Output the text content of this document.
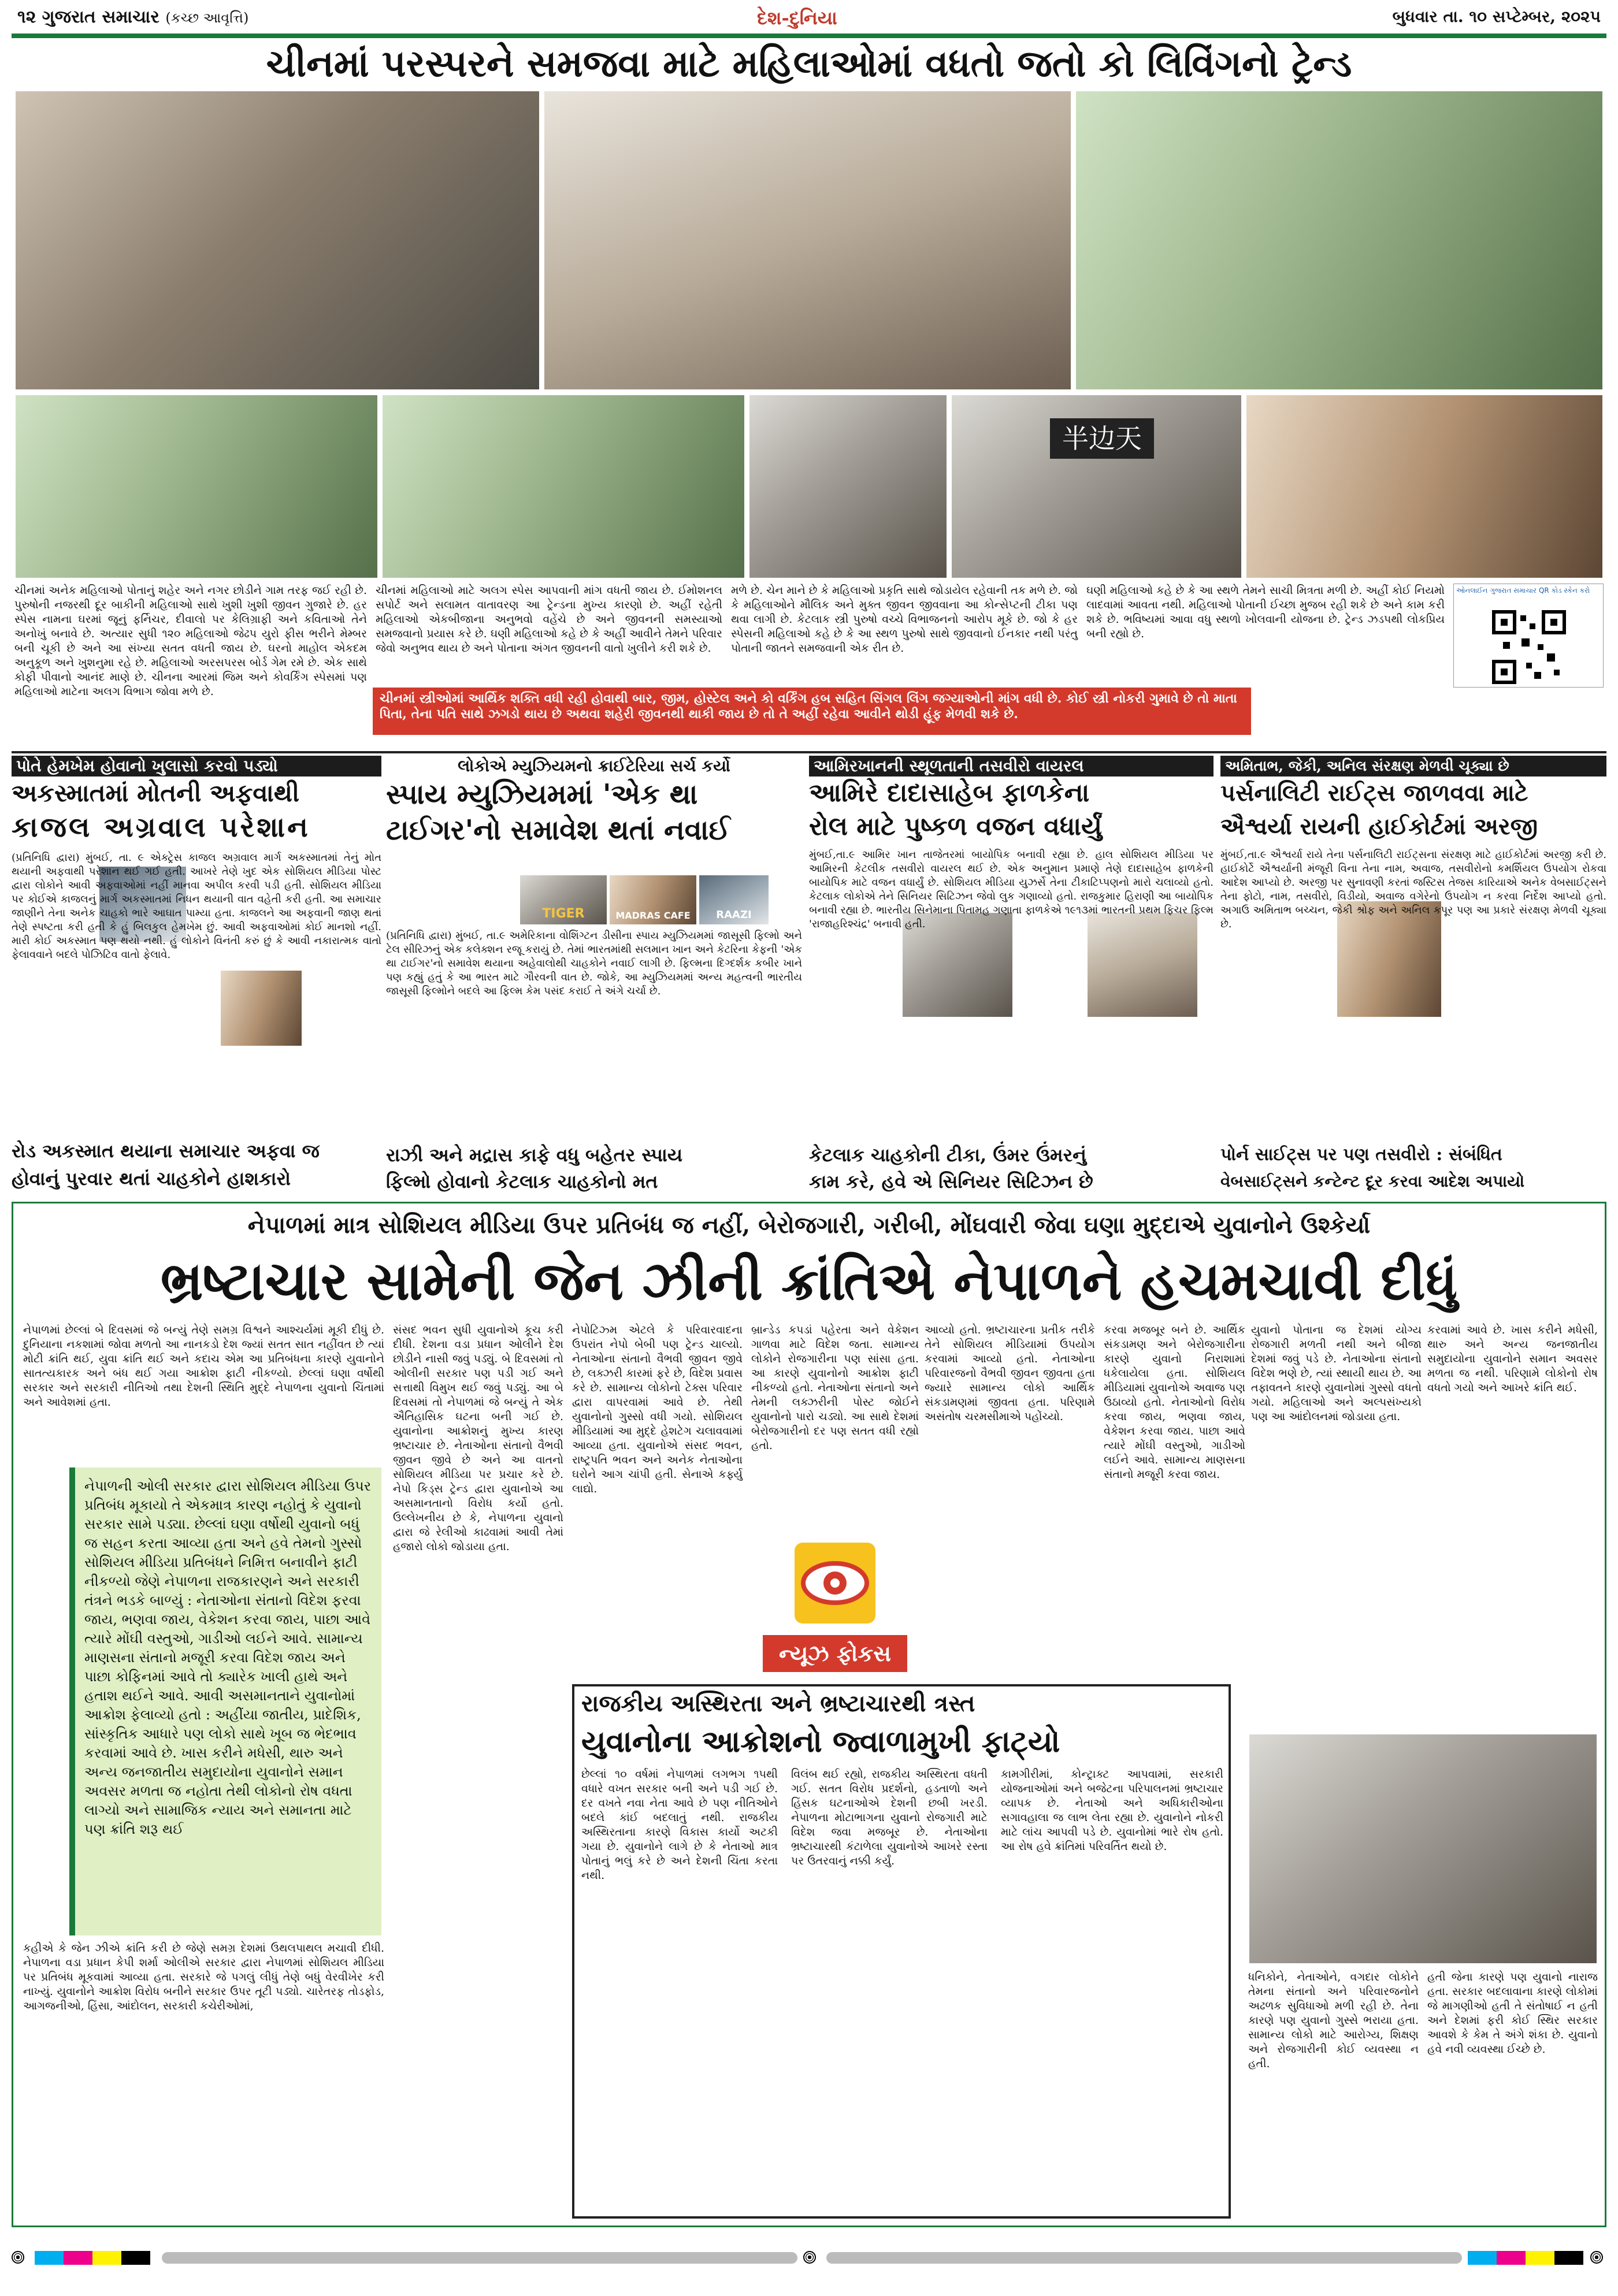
૧૨ ગુજરાત સમાચાર (કચ્છ આવૃત્તિ)	દેશ-દુનિયા	બુધવાર તા. ૧૦ સપ્ટેમ્બર, ૨૦૨૫
ચીનમાં પરસ્પરને સમજવા માટે મહિલાઓમાં વધતો જતો કો લિવિંગનો ટ્રેન્ડ
半边天
ચીનમાં અનેક મહિલાઓ પોતાનું શહેર અને નગર છોડીને ગામ તરફ જઈ રહી છે. પુરુષોની નજરથી દૂર બાકીની મહિલાઓ સાથે ખુશી ખુશી જીવન ગુજારે છે. હર સ્પેસ નામના ઘરમાં જૂનું ફર્નિચર, દીવાલો પર કેલિગ્રાફી અને કવિતાઓ તેને અનોખું બનાવે છે. અત્યાર સુધી ૧૨૦ મહિલાઓ જેઢપ યુરો ફીસ ભરીને મેમ્બર બની ચૂકી છે અને આ સંખ્યા સતત વધતી જાય છે. ઘરનો માહોલ એકદમ અનુકૂળ અને ખુશનુમા રહે છે. મહિલાઓ અરસપરસ બોર્ડ ગેમ રમે છે. એક સાથે કોફી પીવાનો આનંદ માણે છે. ચીનના આરમાં જિમ અને કોવર્કિંગ સ્પેસમાં પણ મહિલાઓ માટેના અલગ વિભાગ જોવા મળે છે.
ચીનમાં મહિલાઓ માટે અલગ સ્પેસ આપવાની માંગ વધતી જાય છે. ઈમોશનલ સપોર્ટ અને સલામત વાતાવરણ આ ટ્રેન્ડના મુખ્ય કારણો છે. અહીં રહેતી મહિલાઓ એકબીજાના અનુભવો વહેંચે છે અને જીવનની સમસ્યાઓ સમજવાનો પ્રયાસ કરે છે. ઘણી મહિલાઓ કહે છે કે અહીં આવીને તેમને પરિવાર જેવો અનુભવ થાય છે અને પોતાના અંગત જીવનની વાતો ખુલીને કરી શકે છે.
મળે છે. ચેન માને છે કે મહિલાઓ પ્રકૃતિ સાથે જોડાયેલ રહેવાની તક મળે છે. જો કે મહિલાઓને મૌલિક અને મુક્ત જીવન જીવવાના આ કોન્સેપ્ટની ટીકા પણ થવા લાગી છે. કેટલાક સ્ત્રી પુરુષો વચ્ચે વિભાજનનો આરોપ મૂકે છે. જો કે હર સ્પેસની મહિલાઓ કહે છે કે આ સ્થળ પુરુષો સાથે જીવવાનો ઈનકાર નથી પરંતુ પોતાની જાતને સમજવાની એક રીત છે.
ઘણી મહિલાઓ કહે છે કે આ સ્થળે તેમને સાચી મિત્રતા મળી છે. અહીં કોઈ નિયમો લાદવામાં આવતા નથી. મહિલાઓ પોતાની ઈચ્છા મુજબ રહી શકે છે અને કામ કરી શકે છે. ભવિષ્યમાં આવા વધુ સ્થળો ખોલવાની યોજના છે. ટ્રેન્ડ ઝડપથી લોકપ્રિય બની રહ્યો છે.
ઓનલાઈન ગુજરાત સમાચાર QR કોડ સ્કેન કરો
ચીનમાં સ્ત્રીઓમાં આર્થિક શક્તિ વધી રહી હોવાથી બાર, જીમ, હોસ્ટેલ અને કો વર્કિંગ હબ સહિત સિંગલ લિંગ જગ્યાઓની માંગ વધી છે. કોઈ સ્ત્રી નોકરી ગુમાવે છે તો માતા પિતા, તેના પતિ સાથે ઝગડો થાય છે અથવા શહેરી જીવનથી થાકી જાય છે તો તે અહીં રહેવા આવીને થોડી હૂંફ મેળવી શકે છે.
પોતે હેમખેમ હોવાનો ખુલાસો કરવો પડ્યો
અકસ્માતમાં મોતની અફવાથી
કાજલ અગ્રવાલ પરેશાન
(પ્રતિનિધિ દ્વારા) મુંબઈ, તા. ૯ એક્ટ્રેસ કાજલ અગ્રવાલ માર્ગ અકસ્માતમાં તેનું મોત થયાની અફવાથી પરેશાન થઈ ગઈ હતી. આખરે તેણે ખુદ એક સોશિયલ મીડિયા પોસ્ટ દ્વારા લોકોને આવી અફવાઓમાં નહીં માનવા અપીલ કરવી પડી હતી. સોશિયલ મીડિયા પર કોઈએ કાજલનું માર્ગ અકસ્માતમાં નિધન થયાની વાત વહેતી કરી હતી. આ સમાચાર જાણીને તેના અનેક ચાહકો ભારે આઘાત પામ્યા હતા. કાજલને આ અફવાની જાણ થતાં તેણે સ્પષ્ટતા કરી હતી કે હું બિલકુલ હેમખેમ છું. આવી અફવાઓમાં કોઈ માનશો નહીં. મારી કોઈ અકસ્માત પણ થયો નથી. હું લોકોને વિનંતી કરું છું કે આવી નકારાત્મક વાતો ફેલાવવાને બદલે પોઝિટિવ વાતો ફેલાવે.
રોડ અકસ્માત થયાના સમાચાર અફવા જ
હોવાનું પુરવાર થતાં ચાહકોને હાશકારો
લોકોએ મ્યુઝિયમનો ક્રાઈટેરિયા સર્ચ કર્યો
સ્પાય મ્યુઝિયમમાં 'એક થા
ટાઈગર'નો સમાવેશ થતાં નવાઈ
TIGER	MADRAS CAFE	RAAZI
(પ્રતિનિધિ દ્વારા) મુંબઈ, તા.૯ અમેરિકાના વોશિંગ્ટન ડીસીના સ્પાય મ્યુઝિયમમાં જાસૂસી ફિલ્મો અને ટેલ સીરિઝનું એક કલેક્શન રજૂ કરાયું છે. તેમાં ભારતમાંથી સલમાન ખાન અને કેટરિના કેફની 'એક થા ટાઈગર'નો સમાવેશ થયાના અહેવાલોથી ચાહકોને નવાઈ લાગી છે. ફિલ્મના દિગ્દર્શક કબીર ખાને પણ કહ્યું હતું કે આ ભારત માટે ગૌરવની વાત છે. જોકે, આ મ્યુઝિયમમાં અન્ય મહત્વની ભારતીય જાસૂસી ફિલ્મોને બદલે આ ફિલ્મ કેમ પસંદ કરાઈ તે અંગે ચર્ચા છે.
રાઝી અને મદ્રાસ કાફે વધુ બહેતર સ્પાય
ફિલ્મો હોવાનો કેટલાક ચાહકોનો મત
આમિરખાનની સ્થૂળતાની તસવીરો વાયરલ
આમિરે દાદાસાહેબ ફાળકેના
રોલ માટે પુષ્કળ વજન વધાર્યું
મુંબઈ,તા.૯ આમિર ખાન તાજેતરમાં બાયોપિક બનાવી રહ્યા છે. હાલ સોશિયલ મીડિયા પર આમિરની કેટલીક તસવીરો વાયરલ થઈ છે. એક અનુમાન પ્રમાણે તેણે દાદાસાહેબ ફાળકેની બાયોપિક માટે વજન વધાર્યું છે. સોશિયલ મીડિયા યુઝર્સે તેના ટીકાટિપ્પણનો મારો ચલાવ્યો હતો. કેટલાક લોકોએ તેને સિનિયર સિટિઝન જેવો લુક ગણાવ્યો હતો. રાજકુમાર હિરાણી આ બાયોપિક બનાવી રહ્યા છે. ભારતીય સિનેમાના પિતામહ ગણાતા ફાળકેએ ૧૯૧૩માં ભારતની પ્રથમ ફિચર ફિલ્મ 'રાજાહરિશ્ચંદ્ર' બનાવી હતી.
કેટલાક ચાહકોની ટીકા, ઉંમર ઉંમરનું
કામ કરે, હવે એ સિનિયર સિટિઝન છે
અમિતાભ, જેકી, અનિલ સંરક્ષણ મેળવી ચૂક્યા છે
પર્સનાલિટી રાઈટ્સ જાળવવા માટે
ઐશ્વર્યા રાયની હાઈકોર્ટમાં અરજી
મુંબઈ,તા.૯ ઐશ્વર્યા રાયે તેના પર્સનાલિટી રાઈટ્સના સંરક્ષણ માટે હાઈકોર્ટમાં અરજી કરી છે. હાઈકોર્ટે ઐશ્વર્યાની મંજૂરી વિના તેના નામ, અવાજ, તસવીરોનો કમર્શિયલ ઉપયોગ રોકવા આદેશ આપ્યો છે. અરજી પર સુનાવણી કરતાં જસ્ટિસ તેજસ કારિયાએ અનેક વેબસાઈટ્સને તેના ફોટો, નામ, તસવીરો, વિડીયો, અવાજ વગેરેનો ઉપયોગ ન કરવા નિર્દેશ આપ્યો હતો. અગાઉ અમિતાભ બચ્ચન, જેકી શ્રોફ અને અનિલ કપૂર પણ આ પ્રકારે સંરક્ષણ મેળવી ચૂક્યા છે.
પોર્ન સાઈટ્સ પર પણ તસવીરો : સંબંધિત
વેબસાઈટ્સને કન્ટેન્ટ દૂર કરવા આદેશ અપાયો
નેપાળમાં માત્ર સોશિયલ મીડિયા ઉપર પ્રતિબંધ જ નહીં, બેરોજગારી, ગરીબી, મોંઘવારી જેવા ઘણા મુદ્દાએ યુવાનોને ઉશ્કેર્યા
ભ્રષ્ટાચાર સામેની જેન ઝીની ક્રાંતિએ નેપાળને હચમચાવી દીધું
નેપાળમાં છેલ્લાં બે દિવસમાં જે બન્યું તેણે સમગ્ર વિશ્વને આશ્ચર્યમાં મૂકી દીધું છે. દુનિયાના નકશામાં જોવા મળતો આ નાનકડો દેશ જ્યાં સતત સાત નહીંવત છે ત્યાં મોટી ક્રાંતિ થઈ, યુવા ક્રાંતિ થઈ અને કદાચ એમ આ પ્રતિબંધના કારણે યુવાનોને સાતત્યકારક અને બંધ થઈ ગયા આક્રોશ ફાટી નીકળ્યો. છેલ્લાં ઘણા વર્ષોથી સરકાર અને સરકારી નીતિઓ તથા દેશની સ્થિતિ મુદ્દે નેપાળના યુવાનો ચિંતામાં અને આવેશમાં હતા.
નેપાળની ઓલી સરકાર દ્વારા સોશિયલ મીડિયા ઉપર પ્રતિબંધ મૂકાયો તે એકમાત્ર કારણ નહોતું કે યુવાનો સરકાર સામે પડ્યા. છેલ્લાં ઘણા વર્ષોથી યુવાનો બધું જ સહન કરતા આવ્યા હતા અને હવે તેમનો ગુસ્સો સોશિયલ મીડિયા પ્રતિબંધને નિમિત્ત બનાવીને ફાટી નીકળ્યો જેણે નેપાળના રાજકારણને અને સરકારી તંત્રને ભડકે બાળ્યું : નેતાઓના સંતાનો વિદેશ ફરવા જાય, ભણવા જાય, વેકેશન કરવા જાય, પાછા આવે ત્યારે મોંઘી વસ્તુઓ, ગાડીઓ લઈને આવે. સામાન્ય માણસના સંતાનો મજૂરી કરવા વિદેશ જાય અને પાછા કોફિનમાં આવે તો ક્યારેક ખાલી હાથે અને હતાશ થઈને આવે. આવી અસમાનતાને યુવાનોમાં આક્રોશ ફેલાવ્યો હતો : અહીંયા જાતીય, પ્રાદેશિક, સાંસ્કૃતિક આધારે પણ લોકો સાથે ખૂબ જ ભેદભાવ કરવામાં આવે છે. ખાસ કરીને મધેસી, થારુ અને અન્ય જનજાતીય સમુદાયોના યુવાનોને સમાન અવસર મળતા જ નહોતા તેથી લોકોનો રોષ વધતા લાગ્યો અને સામાજિક ન્યાય અને સમાનતા માટે પણ ક્રાંતિ શરૂ થઈ
કહીએ કે જેન ઝીએ ક્રાંતિ કરી છે જેણે સમગ્ર દેશમાં ઉથલપાથલ મચાવી દીધી. નેપાળના વડા પ્રધાન કેપી શર્મા ઓલીએ સરકાર દ્વારા નેપાળમાં સોશિયલ મીડિયા પર પ્રતિબંધ મૂકવામાં આવ્યા હતા. સરકારે જે પગલું લીધું તેણે બધું વેરવીખેર કરી નાખ્યું. યુવાનોને આક્રોશ વિરોધ બનીને સરકાર ઉપર તૂટી પડ્યો. ચારેતરફ તોડફોડ, આગજનીઓ, હિંસા, આંદોલન, સરકારી કચેરીઓમાં,
સંસદ ભવન સુધી યુવાનોએ કૂચ કરી દીધી. દેશના વડા પ્રધાન ઓલીને દેશ છોડીને નાસી જવું પડ્યું. બે દિવસમાં તો ઓલીની સરકાર પણ પડી ગઈ અને સત્તાથી વિમુખ થઈ જવું પડ્યું. આ બે દિવસમાં તો નેપાળમાં જે બન્યું તે એક ઐતિહાસિક ઘટના બની ગઈ છે. યુવાનોના આક્રોશનું મુખ્ય કારણ ભ્રષ્ટાચાર છે. નેતાઓના સંતાનો વૈભવી જીવન જીવે છે અને આ વાતનો સોશિયલ મીડિયા પર પ્રચાર કરે છે. નેપો કિડ્સ ટ્રેન્ડ દ્વારા યુવાનોએ આ અસમાનતાનો વિરોધ કર્યો હતો. ઉલ્લેખનીય છે કે, નેપાળના યુવાનો દ્વારા જે રેલીઓ કાઢવામાં આવી તેમાં હજારો લોકો જોડાયા હતા.
નેપોટિઝ્મ એટલે કે પરિવારવાદના ઉપરાંત નેપો બેબી પણ ટ્રેન્ડ ચાલ્યો. નેતાઓના સંતાનો વૈભવી જીવન જીવે છે, લક્ઝરી કારમાં ફરે છે, વિદેશ પ્રવાસ કરે છે. સામાન્ય લોકોનો ટેક્સ પરિવાર દ્વારા વાપરવામાં આવે છે. તેથી યુવાનોનો ગુસ્સો વધી ગયો. સોશિયલ મીડિયામાં આ મુદ્દે હેશટેગ ચલાવવામાં આવ્યા હતા. યુવાનોએ સંસદ ભવન, રાષ્ટ્રપતિ ભવન અને અનેક નેતાઓના ઘરોને આગ ચાંપી હતી. સેનાએ કર્ફ્યુ લાદ્યો.
બ્રાન્ડેડ કપડાં પહેરતા અને વેકેશન ગાળવા માટે વિદેશ જતા. સામાન્ય લોકોને રોજગારીના પણ સાંસા હતા. આ કારણે યુવાનોનો આક્રોશ ફાટી નીકળ્યો હતો. નેતાઓના સંતાનો અને તેમની લક્ઝરીની પોસ્ટ જોઈને યુવાનોનો પારો ચડ્યો. આ સાથે દેશમાં બેરોજગારીનો દર પણ સતત વધી રહ્યો હતો.
આવ્યો હતો. ભ્રષ્ટાચારના પ્રતીક તરીકે તેને સોશિયલ મીડિયામાં ઉપયોગ કરવામાં આવ્યો હતો. નેતાઓના પરિવારજનો વૈભવી જીવન જીવતા હતા જ્યારે સામાન્ય લોકો આર્થિક સંકડામણમાં જીવતા હતા. પરિણામે અસંતોષ ચરમસીમાએ પહોંચ્યો.
કરવા મજબૂર બને છે. આર્થિક સંકડામણ અને બેરોજગારીના કારણે યુવાનો નિરાશામાં ધકેલાયેલા હતા. સોશિયલ મીડિયામાં યુવાનોએ અવાજ પણ ઉઠાવ્યો હતો. નેતાઓનો વિરોધ કરવા જાય, ભણવા જાય, વેકેશન કરવા જાય. પાછા આવે ત્યારે મોંઘી વસ્તુઓ, ગાડીઓ લઈને આવે. સામાન્ય માણસના સંતાનો મજૂરી કરવા જાય.
યુવાનો પોતાના જ દેશમાં યોગ્ય રોજગારી મળતી નથી અને બીજા દેશમાં જવું પડે છે. નેતાઓના સંતાનો વિદેશ ભણે છે, ત્યાં સ્થાયી થાય છે. આ તફાવતને કારણે યુવાનોમાં ગુસ્સો વધતો ગયો. મહિલાઓ અને અલ્પસંખ્યકો પણ આ આંદોલનમાં જોડાયા હતા.
કરવામાં આવે છે. ખાસ કરીને મધેસી, થારુ અને અન્ય જનજાતીય સમુદાયોના યુવાનોને સમાન અવસર મળતા જ નથી. પરિણામે લોકોનો રોષ વધતો ગયો અને આખરે ક્રાંતિ થઈ.
ન્યૂઝ ફોકસ
રાજકીય અસ્થિરતા અને ભ્રષ્ટાચારથી ત્રસ્ત
યુવાનોના આક્રોશનો જ્વાળામુખી ફાટ્યો
છેલ્લાં ૧૦ વર્ષમાં નેપાળમાં લગભગ ૧૫થી વધારે વખત સરકાર બની અને પડી ગઈ છે. દર વખતે નવા નેતા આવે છે પણ નીતિઓને બદલે કાંઈ બદલાતું નથી. રાજકીય અસ્થિરતાના કારણે વિકાસ કાર્યો અટકી ગયા છે. યુવાનોને લાગે છે કે નેતાઓ માત્ર પોતાનું ભલું કરે છે અને દેશની ચિંતા કરતા નથી.
વિલંબ થઈ રહ્યો, રાજકીય અસ્થિરતા વધતી ગઈ. સતત વિરોધ પ્રદર્શનો, હડતાળો અને હિંસક ઘટનાઓએ દેશની છબી ખરડી. નેપાળના મોટાભાગના યુવાનો રોજગારી માટે વિદેશ જવા મજબૂર છે. નેતાઓના ભ્રષ્ટાચારથી કંટાળેલા યુવાનોએ આખરે રસ્તા પર ઉતરવાનું નક્કી કર્યું.
કામગીરીમાં, કોન્ટ્રાક્ટ આપવામાં, સરકારી યોજનાઓમાં અને બજેટના પરિપાલનમાં ભ્રષ્ટાચાર વ્યાપક છે. નેતાઓ અને અધિકારીઓના સગાવહાલા જ લાભ લેતા રહ્યા છે. યુવાનોને નોકરી માટે લાંચ આપવી પડે છે. યુવાનોમાં ભારે રોષ હતો. આ રોષ હવે ક્રાંતિમાં પરિવર્તિત થયો છે.
ધનિકોને, નેતાઓને, વગદાર લોકોને તેમના સંતાનો અને પરિવારજનોને અઢળક સુવિધાઓ મળી રહી છે. તેના કારણે પણ યુવાનો ગુસ્સે ભરાયા હતા. સામાન્ય લોકો માટે આરોગ્ય, શિક્ષણ અને રોજગારીની કોઈ વ્યવસ્થા ન હતી.
હતી જેના કારણે પણ યુવાનો નારાજ હતા. સરકાર બદલાવાના કારણે લોકોમાં જે માગણીઓ હતી તે સંતોષાઈ ન હતી અને દેશમાં ફરી કોઈ સ્થિર સરકાર આવશે કે કેમ તે અંગે શંકા છે. યુવાનો હવે નવી વ્યવસ્થા ઈચ્છે છે.
